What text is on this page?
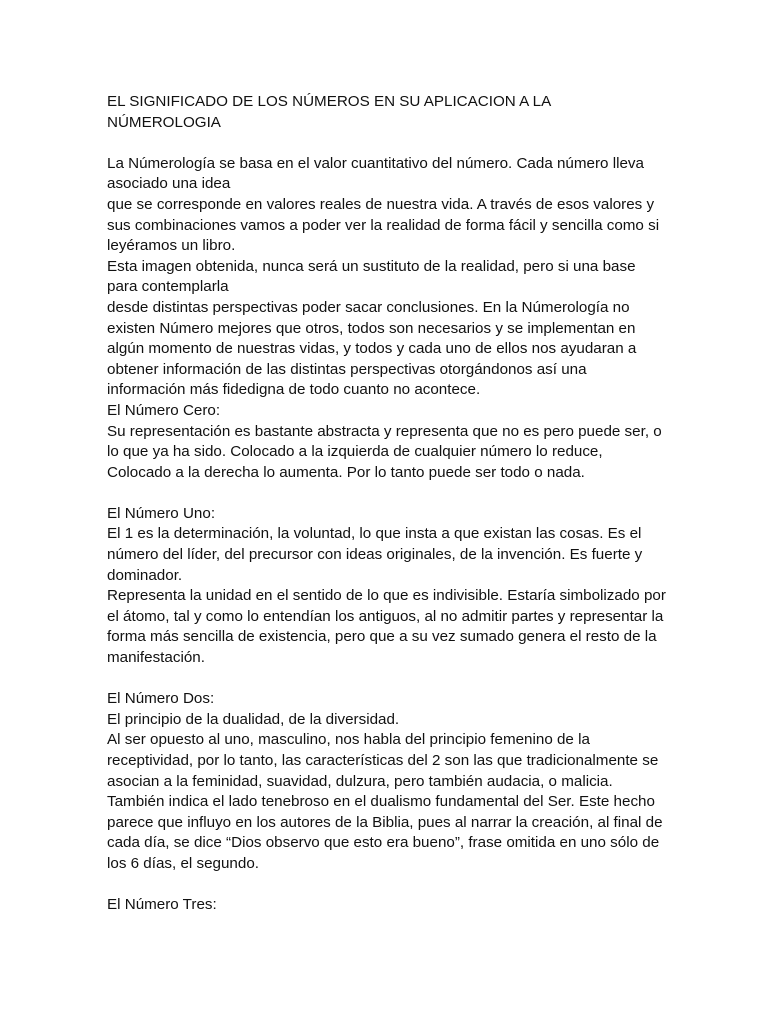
EL SIGNIFICADO DE LOS NÚMEROS EN SU APLICACION A LA
NÚMEROLOGIA
La Númerología se basa en el valor cuantitativo del número. Cada número lleva
asociado una idea
que se corresponde en valores reales de nuestra vida. A través de esos valores y
sus combinaciones vamos a poder ver la realidad de forma fácil y sencilla como si
leyéramos un libro.
Esta imagen obtenida, nunca será un sustituto de la realidad, pero si una base
para contemplarla
desde distintas perspectivas poder sacar conclusiones. En la Númerología no
existen Número mejores que otros, todos son necesarios y se implementan en
algún momento de nuestras vidas, y todos y cada uno de ellos nos ayudaran a
obtener información de las distintas perspectivas otorgándonos así una
información más fidedigna de todo cuanto no acontece.
El Número Cero:
Su representación es bastante abstracta y representa que no es pero puede ser, o
lo que ya ha sido. Colocado a la izquierda de cualquier número lo reduce,
Colocado a la derecha lo aumenta. Por lo tanto puede ser todo o nada.
El Número Uno:
El 1 es la determinación, la voluntad, lo que insta a que existan las cosas. Es el
número del líder, del precursor con ideas originales, de la invención. Es fuerte y
dominador.
Representa la unidad en el sentido de lo que es indivisible. Estaría simbolizado por
el átomo, tal y como lo entendían los antiguos, al no admitir partes y representar la
forma más sencilla de existencia, pero que a su vez sumado genera el resto de la
manifestación.
El Número Dos:
El principio de la dualidad, de la diversidad.
Al ser opuesto al uno, masculino, nos habla del principio femenino de la
receptividad, por lo tanto, las características del 2 son las que tradicionalmente se
asocian a la feminidad, suavidad, dulzura, pero también audacia, o malicia.
También indica el lado tenebroso en el dualismo fundamental del Ser. Este hecho
parece que influyo en los autores de la Biblia, pues al narrar la creación, al final de
cada día, se dice “Dios observo que esto era bueno”, frase omitida en uno sólo de
los 6 días, el segundo.
El Número Tres:
